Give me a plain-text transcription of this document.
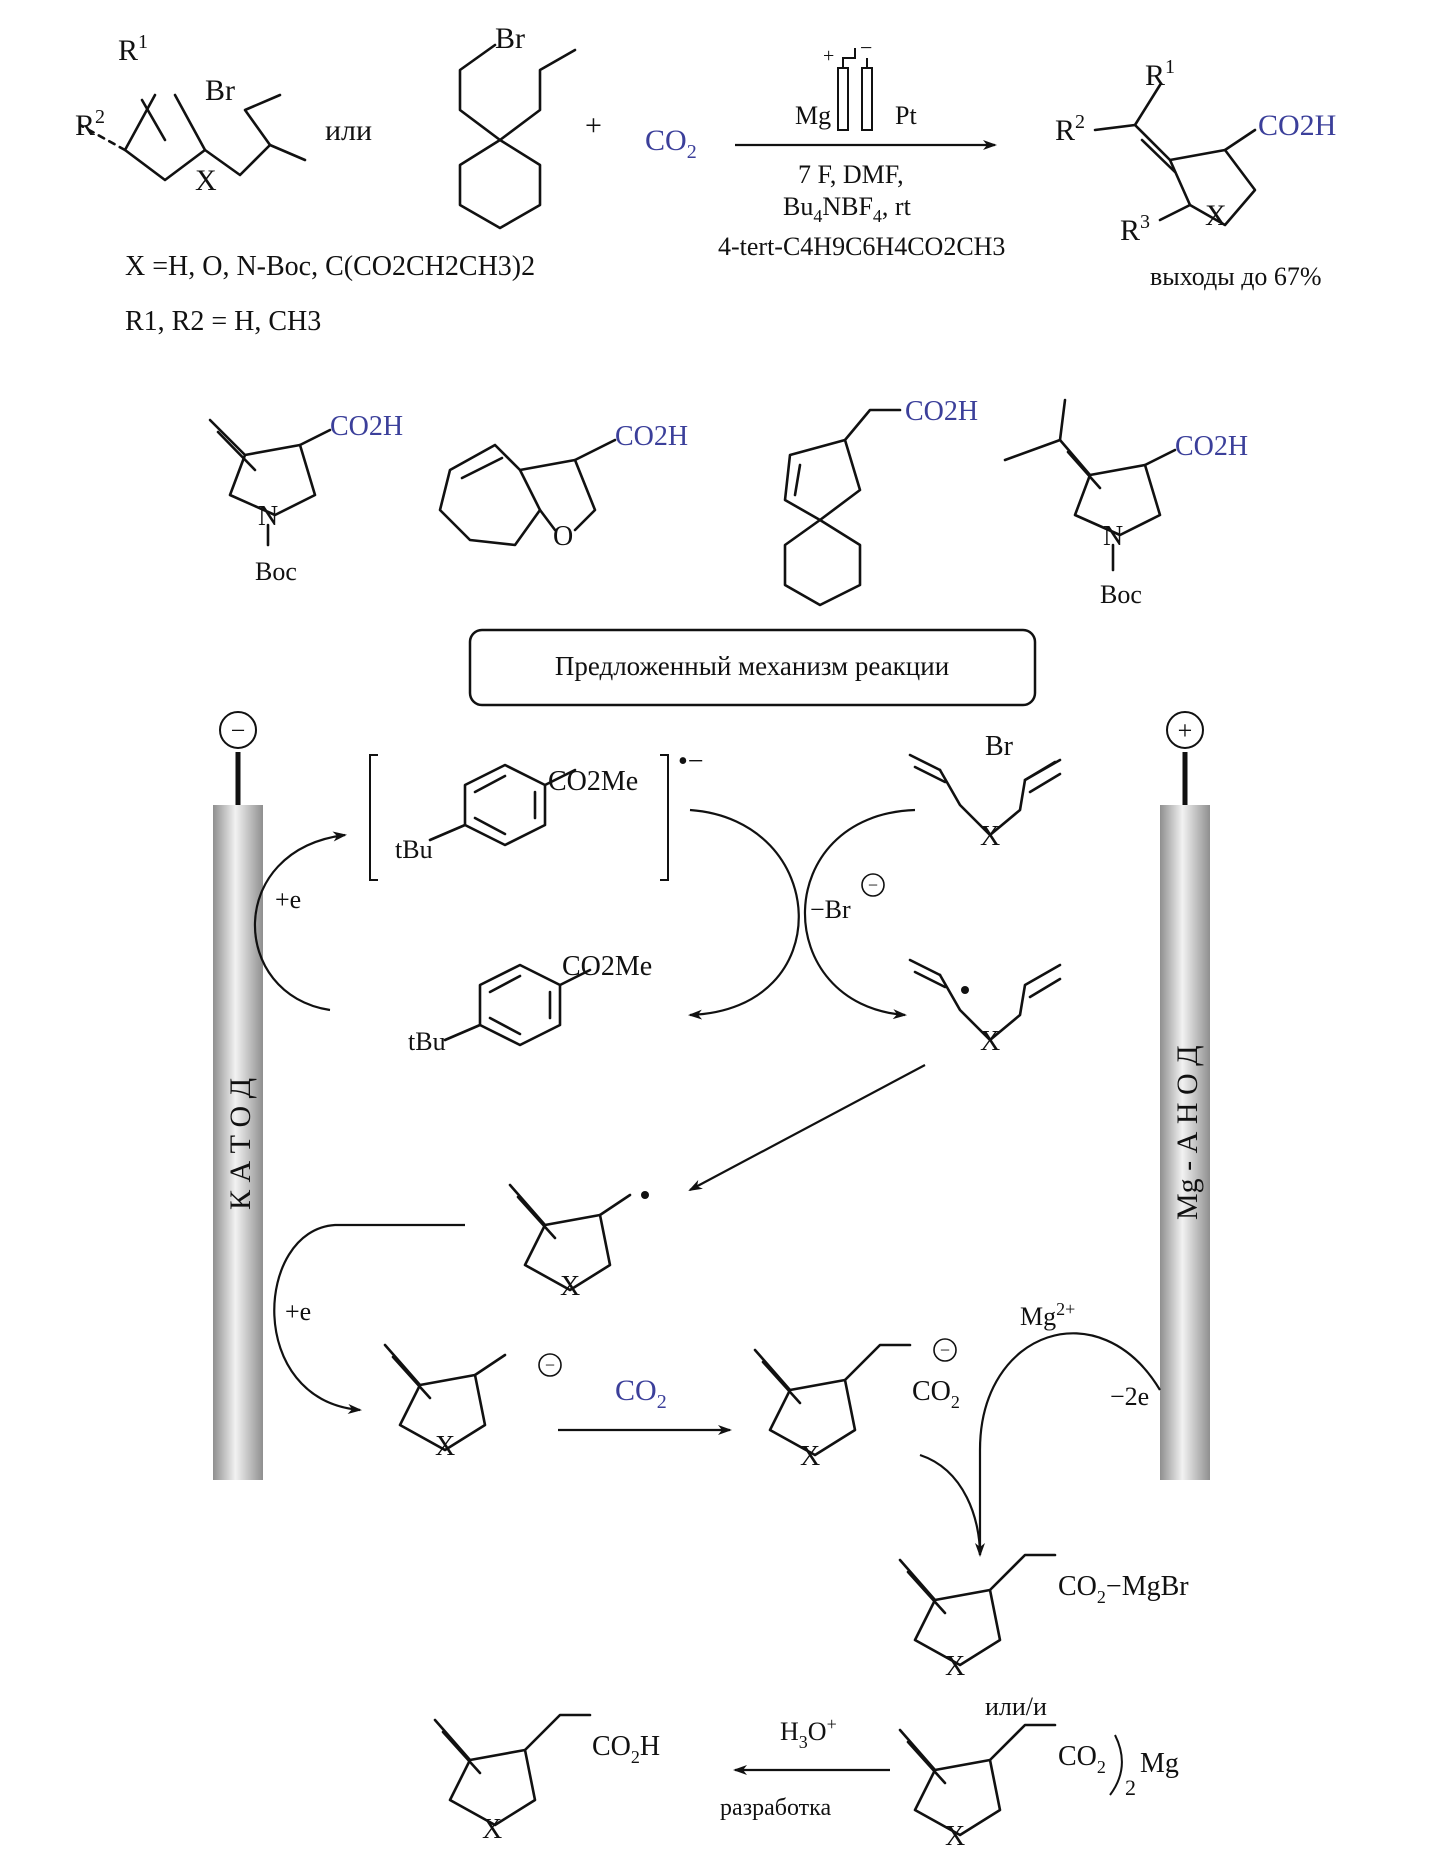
$R^1$
Br
$R^2$
X
или
Br
+ $CO_2$
+ −
Mg Pt
7 F, DMF,
$Bu_4NBF_4$, rt
4-tert-C4H9C6H4CO2CH3
$R^1$
$R^2$
$R^3$ X
CO2H
X =H, O, N-Boc, C(CO2CH2CH3)2
R1, R2 = H, CH3
выходы до 67%
N
Boc
CO2H
O
CO2H
CO2H
N
Boc
CO2H
Предложенный механизм реакции
−
К А Т О Д
+
Mg - А Н О Д
CO2Me
tBu
•−
+e
CO2Me
tBu
−Br
−
X
Br
X
X
+e
−
X
$CO_2$	$CO_2$
−
X
$Mg^{2+}$
−2e
$CO_2-MgBr$
X
или/и
$CO_2$
2
Mg
X
$H_3O^+$
разработка
$CO_2H$
X
